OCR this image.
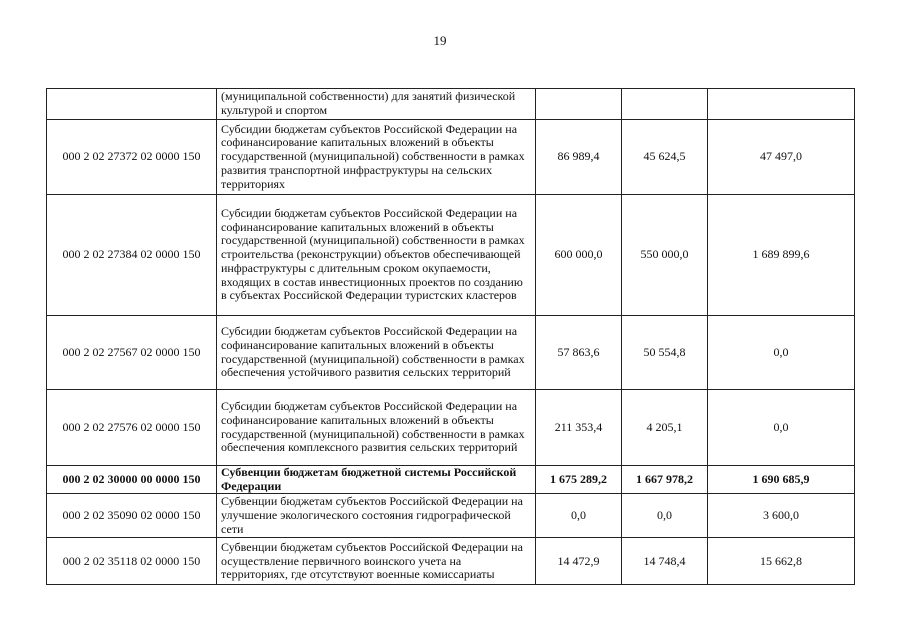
19
	(муниципальной собственности) для занятий физической культурой и спортом			
000 2 02 27372 02 0000 150	Субсидии бюджетам субъектов Российской Федерации на софинансирование капитальных вложений в объекты государственной (муниципальной) собственности в рамках развития транспортной инфраструктуры на сельских территориях	86 989,4	45 624,5	47 497,0
000 2 02 27384 02 0000 150	Субсидии бюджетам субъектов Российской Федерации на софинансирование капитальных вложений в объекты государственной (муниципальной) собственности в рамках строительства (реконструкции) объектов обеспечивающей инфраструктуры с длительным сроком окупаемости, входящих в состав инвестиционных проектов по созданию в субъектах Российской Федерации туристских кластеров	600 000,0	550 000,0	1 689 899,6
000 2 02 27567 02 0000 150	Субсидии бюджетам субъектов Российской Федерации на софинансирование капитальных вложений в объекты государственной (муниципальной) собственности в рамках обеспечения устойчивого развития сельских территорий	57 863,6	50 554,8	0,0
000 2 02 27576 02 0000 150	Субсидии бюджетам субъектов Российской Федерации на софинансирование капитальных вложений в объекты государственной (муниципальной) собственности в рамках обеспечения комплексного развития сельских территорий	211 353,4	4 205,1	0,0
000 2 02 30000 00 0000 150	Субвенции бюджетам бюджетной системы Российской Федерации	1 675 289,2	1 667 978,2	1 690 685,9
000 2 02 35090 02 0000 150	Субвенции бюджетам субъектов Российской Федерации на улучшение экологического состояния гидрографической сети	0,0	0,0	3 600,0
000 2 02 35118 02 0000 150	Субвенции бюджетам субъектов Российской Федерации на осуществление первичного воинского учета на территориях, где отсутствуют военные комиссариаты	14 472,9	14 748,4	15 662,8
